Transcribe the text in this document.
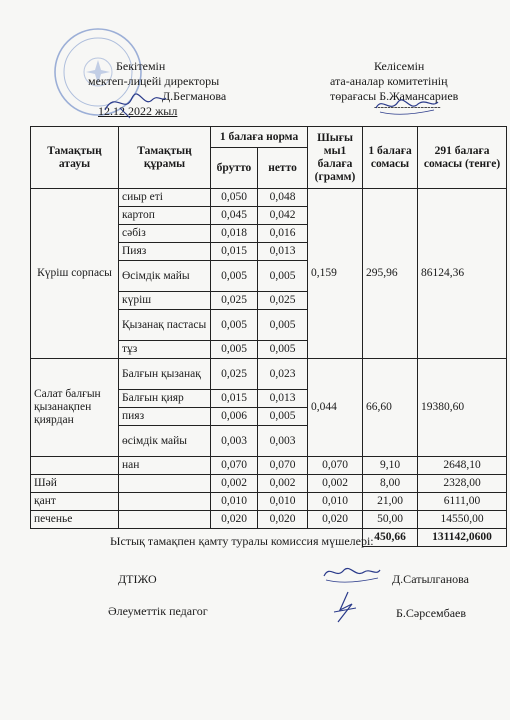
Бекітемін
мектеп-лицейі директоры
Д.Бегманова
12.12.2022 жыл
Келісемін
ата-аналар комитетінің
төрағасы Б.Жамансариев
--------------------
Тамақтың атауы	Тамақтың құрамы	1 балаға норма		Шығы мы1 балаға (грамм)	1 балаға сомасы	291 балаға сомасы (тенге)
		брутто	нетто			
Күріш сорпасы	сиыр еті	0,050	0,048	0,159	295,96	86124,36
	картоп	0,045	0,042			
	сәбіз	0,018	0,016			
	Пияз	0,015	0,013			
	Өсімдік майы	0,005	0,005			
	күріш	0,025	0,025			
	Қызанақ пастасы	0,005	0,005			
	тұз	0,005	0,005			
Салат балғын қызанақпен қиярдан	Балғын қызанақ	0,025	0,023	0,044	66,60	19380,60
	Балғын қияр	0,015	0,013			
	пияз	0,006	0,005			
	өсімдік майы	0,003	0,003			
	нан	0,070	0,070	0,070	9,10	2648,10
Шәй		0,002	0,002	0,002	8,00	2328,00
қант		0,010	0,010	0,010	21,00	6111,00
печенье		0,020	0,020	0,020	50,00	14550,00
					450,66	131142,0600
Ыстық тамақпен қамту туралы комиссия мүшелері:
ДТІЖО	Д.Сатылганова
Әлеуметтік педагог	Б.Сәрсембаев
